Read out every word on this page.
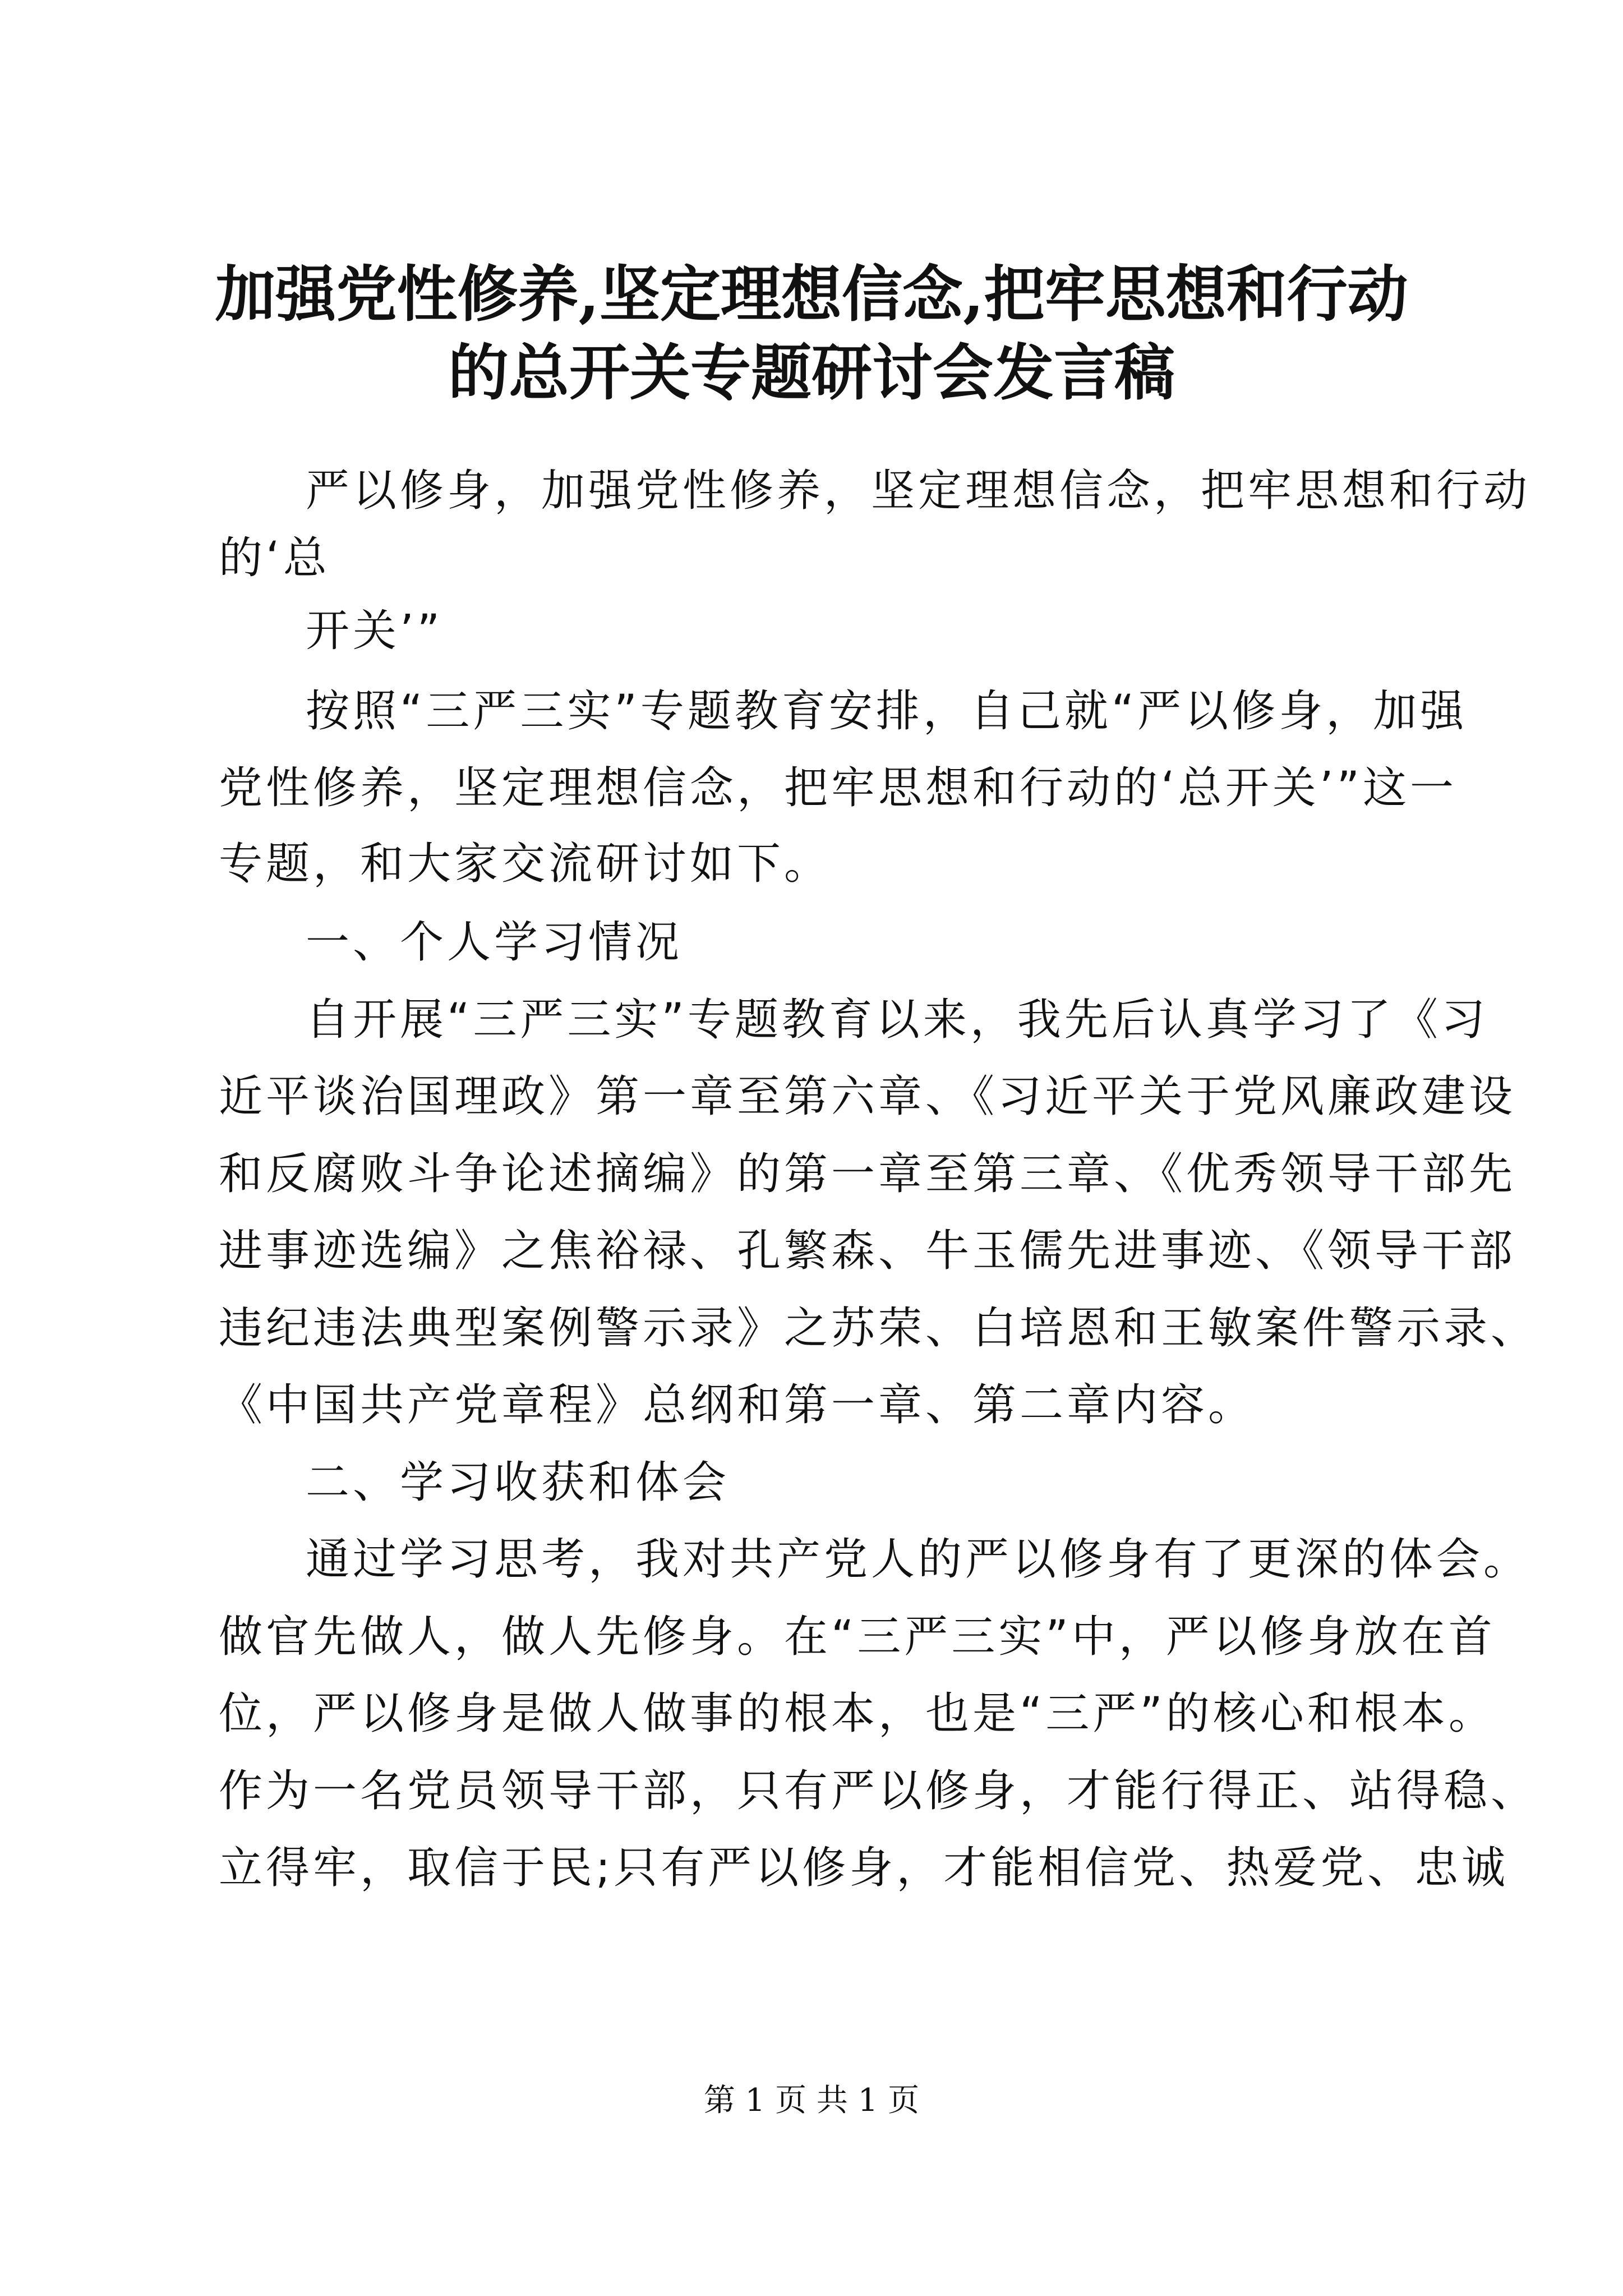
加强党性修养,坚定理想信念,把牢思想和行动
的总开关专题研讨会发言稿
严以修身，加强党性修养，坚定理想信念，把牢思想和行动
的‘总
开关’”
按照“三严三实”专题教育安排，自己就“严以修身，加强
党性修养，坚定理想信念，把牢思想和行动的‘总开关’”这一
专题，和大家交流研讨如下。
一、个人学习情况
自开展“三严三实”专题教育以来，我先后认真学习了《习
近平谈治国理政》第一章至第六章、《习近平关于党风廉政建设
和反腐败斗争论述摘编》的第一章至第三章、《优秀领导干部先
进事迹选编》之焦裕禄、孔繁森、牛玉儒先进事迹、《领导干部
违纪违法典型案例警示录》之苏荣、白培恩和王敏案件警示录、
《中国共产党章程》总纲和第一章、第二章内容。
二、学习收获和体会
通过学习思考，我对共产党人的严以修身有了更深的体会。
做官先做人，做人先修身。在“三严三实”中，严以修身放在首
位，严以修身是做人做事的根本，也是“三严”的核心和根本。
作为一名党员领导干部，只有严以修身，才能行得正、站得稳、
立得牢，取信于民;只有严以修身，才能相信党、热爱党、忠诚
第 1 页 共 1 页
